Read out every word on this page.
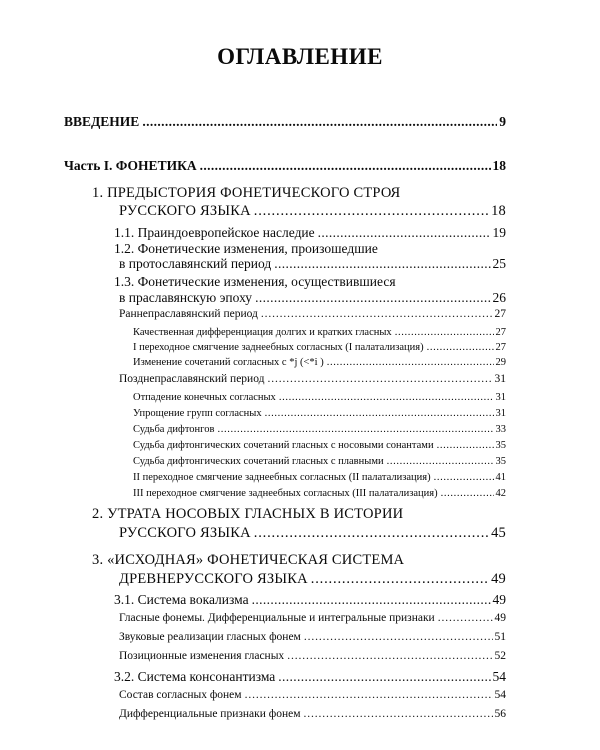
ОГЛАВЛЕНИЕ
ВВЕДЕНИЕ . . .	9
Часть I. ФОНЕТИКА . . .	18
1. ПРЕДЫСТОРИЯ ФОНЕТИЧЕСКОГО СТРОЯ
РУССКОГО ЯЗЫКА . . .	18
1.1. Праиндоевропейское наследие . . .	19
1.2. Фонетические изменения, произошедшие
в протославянский период . . .	25
1.3. Фонетические изменения, осуществившиеся
в праславянскую эпоху . . .	26
Раннепраславянский период . . .	27
Качественная дифференциация долгих и кратких гласных . . .	27
I переходное смягчение заднеебных согласных (I палатализация) . . .	27
Изменение сочетаний согласных с *j (<*i ) . . .	29
Позднепраславянский период . . .	31
Отпадение конечных согласных . . .	31
Упрощение групп согласных . . .	31
Судьба дифтонгов . . .	33
Судьба дифтонгических сочетаний гласных с носовыми сонантами . . .	35
Судьба дифтонгических сочетаний гласных с плавными . . .	35
II переходное смягчение заднеебных согласных (II палатализация) . . .	41
III переходное смягчение заднеебных согласных (III палатализация) . . .	42
2. УТРАТА НОСОВЫХ ГЛАСНЫХ В ИСТОРИИ
РУССКОГО ЯЗЫКА . . .	45
3. «ИСХОДНАЯ» ФОНЕТИЧЕСКАЯ СИСТЕМА
ДРЕВНЕРУССКОГО ЯЗЫКА . . .	49
3.1. Система вокализма . . .	49
Гласные фонемы. Дифференциальные и интегральные признаки . . .	49
Звуковые реализации гласных фонем . . .	51
Позиционные изменения гласных . . .	52
3.2. Система консонантизма . . .	54
Состав согласных фонем . . .	54
Дифференциальные признаки фонем . . .	56
